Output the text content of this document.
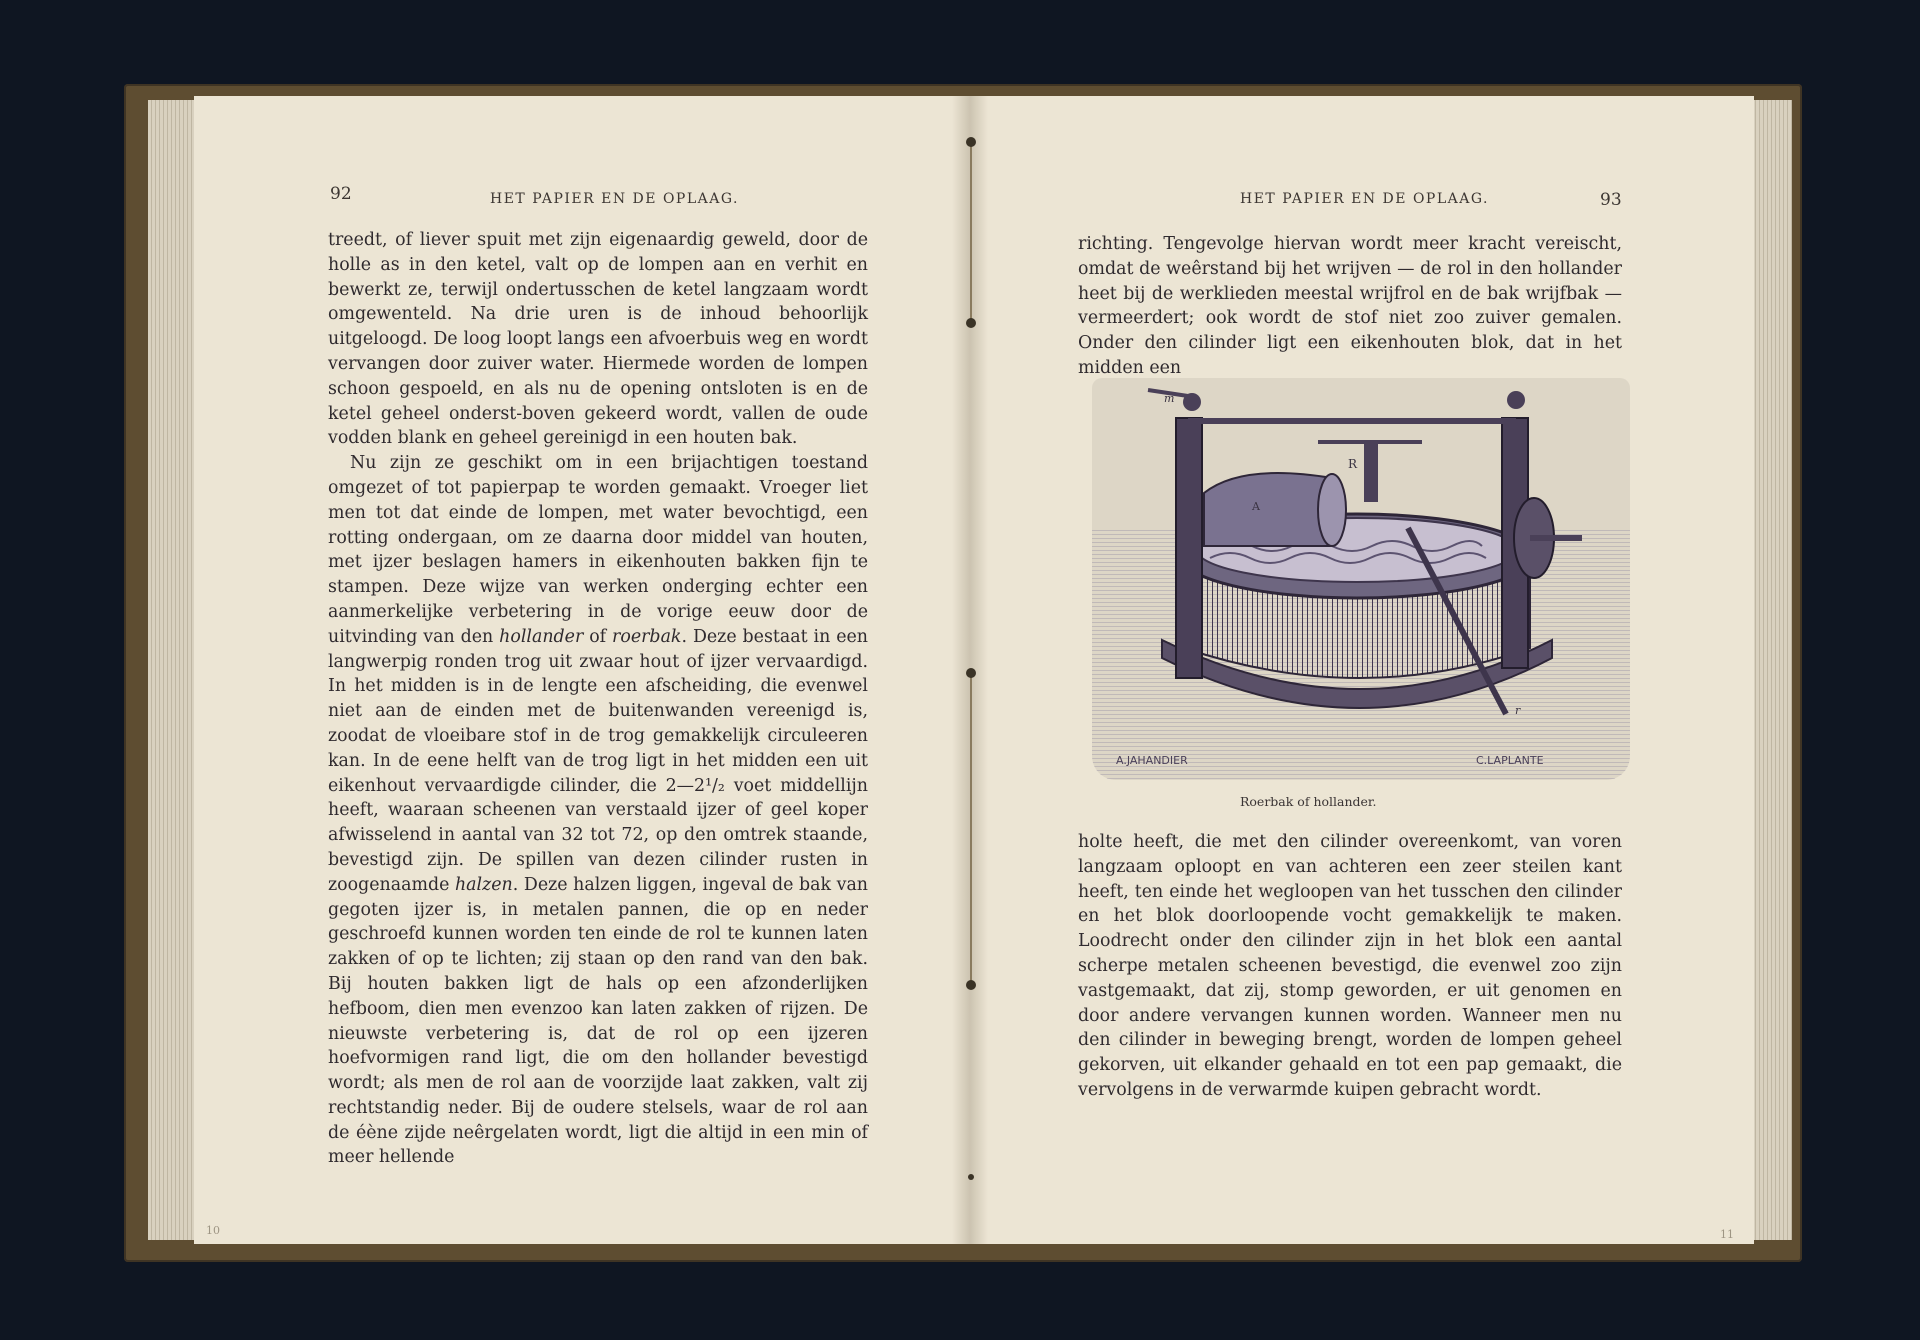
92	HET PAPIER EN DE OPLAAG.

treedt, of liever spuit met zijn eigenaardig geweld, door de holle as in den ketel, valt op de lompen aan en verhit en bewerkt ze, terwijl ondertusschen de ketel langzaam wordt omgewenteld. Na drie uren is de inhoud behoorlijk uitgeloogd. De loog loopt langs een afvoerbuis weg en wordt vervangen door zuiver water. Hiermede worden de lompen schoon gespoeld, en als nu de opening ontsloten is en de ketel geheel onderst-boven gekeerd wordt, vallen de oude vodden blank en geheel gereinigd in een houten bak.

Nu zijn ze geschikt om in een brijachtigen toestand omgezet of tot papierpap te worden gemaakt. Vroeger liet men tot dat einde de lompen, met water bevochtigd, een rotting ondergaan, om ze daarna door middel van houten, met ijzer beslagen hamers in eikenhouten bakken fijn te stampen. Deze wijze van werken onderging echter een aanmerkelijke verbetering in de vorige eeuw door de uitvinding van den hollander of roerbak. Deze bestaat in een langwerpig ronden trog uit zwaar hout of ijzer vervaardigd. In het midden is in de lengte een afscheiding, die evenwel niet aan de einden met de buitenwanden vereenigd is, zoodat de vloeibare stof in de trog gemakkelijk circuleeren kan. In de eene helft van de trog ligt in het midden een uit eikenhout vervaardigde cilinder, die 2—2¹/₂ voet middellijn heeft, waaraan scheenen van verstaald ijzer of geel koper afwisselend in aantal van 32 tot 72, op den omtrek staande, bevestigd zijn. De spillen van dezen cilinder rusten in zoogenaamde halzen. Deze halzen liggen, ingeval de bak van gegoten ijzer is, in metalen pannen, die op en neder geschroefd kunnen worden ten einde de rol te kunnen laten zakken of op te lichten; zij staan op den rand van den bak. Bij houten bakken ligt de hals op een afzonderlijken hefboom, dien men evenzoo kan laten zakken of rijzen. De nieuwste verbetering is, dat de rol op een ijzeren hoefvormigen rand ligt, die om den hollander bevestigd wordt; als men de rol aan de voorzijde laat zakken, valt zij rechtstandig neder. Bij de oudere stelsels, waar de rol aan de éène zijde neêrgelaten wordt, ligt die altijd in een min of meer hellende

HET PAPIER EN DE OPLAAG.	93

richting. Tengevolge hiervan wordt meer kracht vereischt, omdat de weêrstand bij het wrijven — de rol in den hollander heet bij de werklieden meestal wrijfrol en de bak wrijfbak — vermeerdert; ook wordt de stof niet zoo zuiver gemalen. Onder den cilinder ligt een eikenhouten blok, dat in het midden een

m
R
A
r
A.JAHANDIER	C.LAPLANTE
Roerbak of hollander.

holte heeft, die met den cilinder overeenkomt, van voren langzaam oploopt en van achteren een zeer steilen kant heeft, ten einde het wegloopen van het tusschen den cilinder en het blok doorloopende vocht gemakkelijk te maken. Loodrecht onder den cilinder zijn in het blok een aantal scherpe metalen scheenen bevestigd, die evenwel zoo zijn vastgemaakt, dat zij, stomp geworden, er uit genomen en door andere vervangen kunnen worden. Wanneer men nu den cilinder in beweging brengt, worden de lompen geheel gekorven, uit elkander gehaald en tot een pap gemaakt, die vervolgens in de verwarmde kuipen gebracht wordt.

10	11
